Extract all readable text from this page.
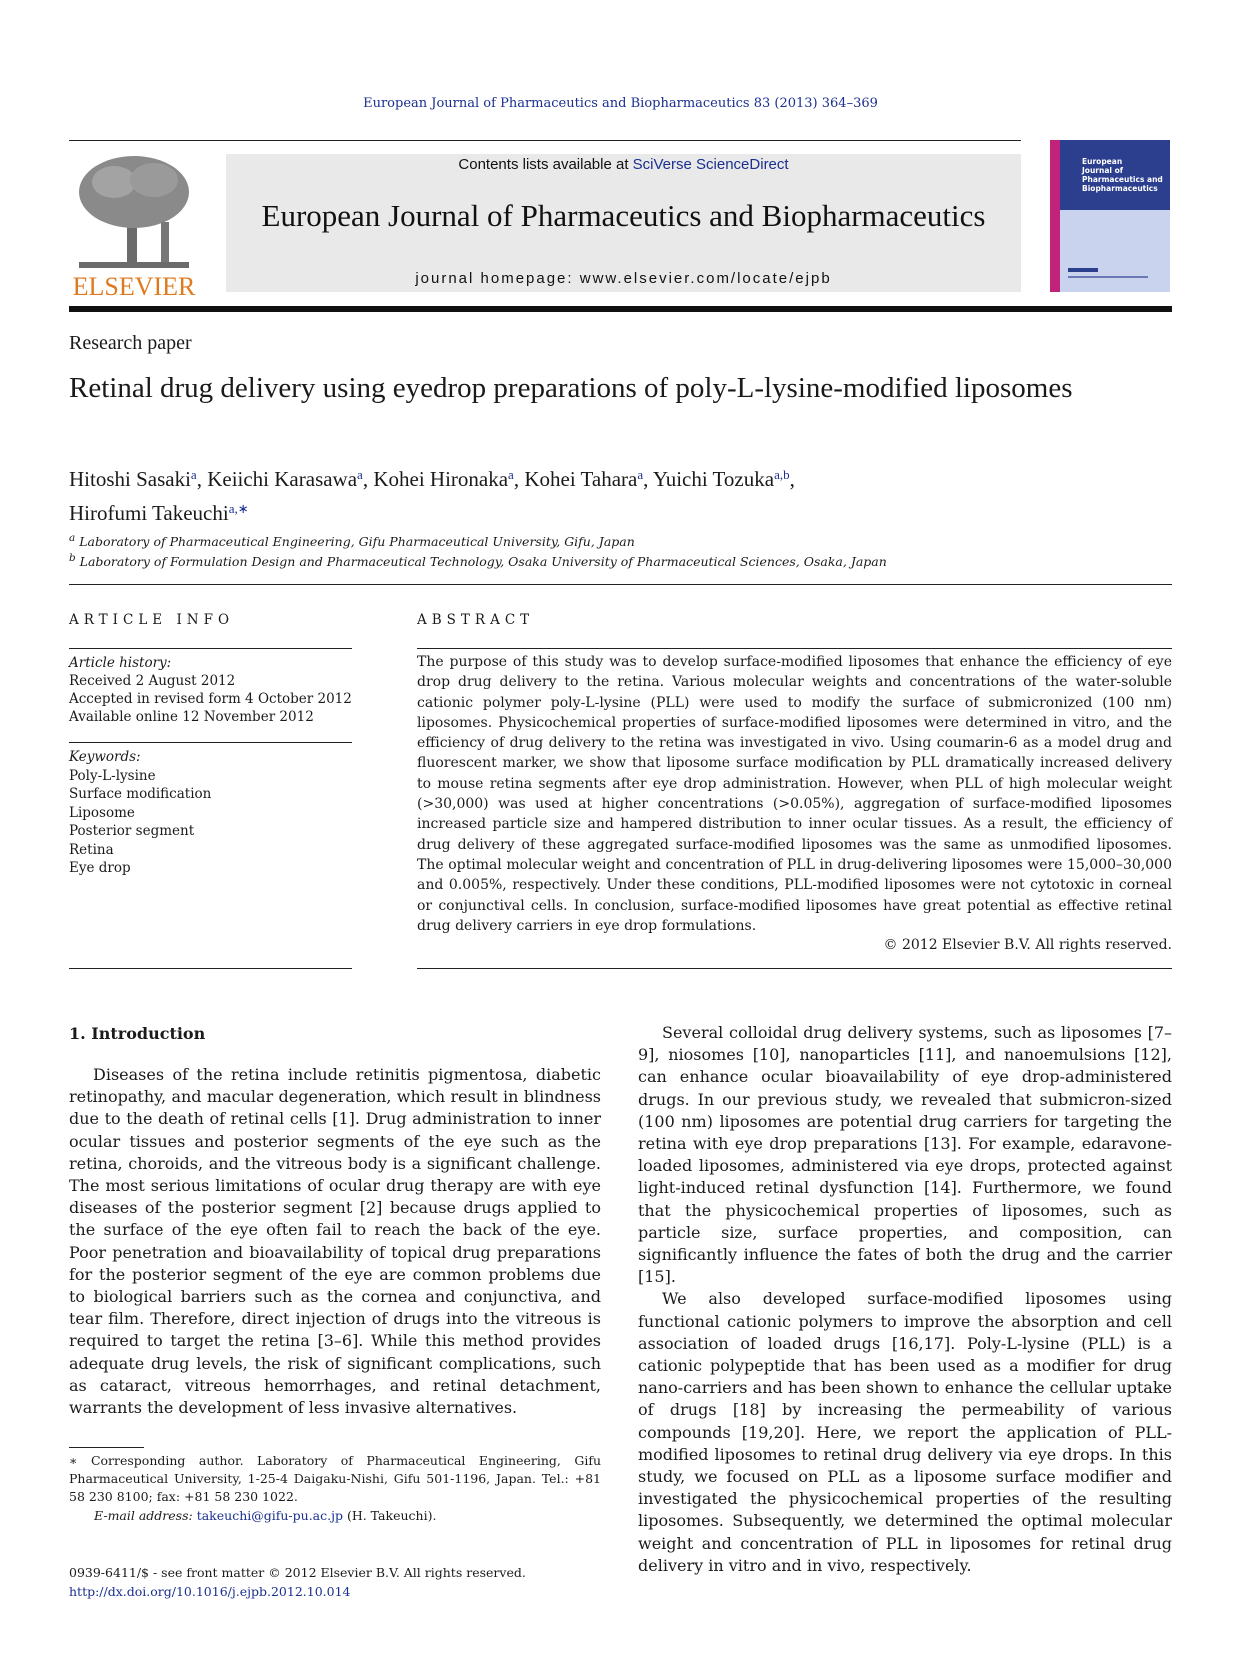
European Journal of Pharmaceutics and Biopharmaceutics 83 (2013) 364–369
ELSEVIER
Contents lists available at SciVerse ScienceDirect
European Journal of Pharmaceutics and Biopharmaceutics
journal homepage: www.elsevier.com/locate/ejpb
European
Journal of
Pharmaceutics and
Biopharmaceutics
Research paper
Retinal drug delivery using eyedrop preparations of poly-L-lysine-modified liposomes
Hitoshi Sasaki$^a$, Keiichi Karasawa$^a$, Kohei Hironaka$^a$, Kohei Tahara$^a$, Yuichi Tozuka$^{a,b}$,
Hirofumi Takeuchi$^{a,∗}$
$^a$ Laboratory of Pharmaceutical Engineering, Gifu Pharmaceutical University, Gifu, Japan
$^b$ Laboratory of Formulation Design and Pharmaceutical Technology, Osaka University of Pharmaceutical Sciences, Osaka, Japan
ARTICLE INFO
Article history:
Received 2 August 2012
Accepted in revised form 4 October 2012
Available online 12 November 2012
Keywords:
Poly-L-lysine
Surface modification
Liposome
Posterior segment
Retina
Eye drop
ABSTRACT
The purpose of this study was to develop surface-modified liposomes that enhance the efficiency of eye drop drug delivery to the retina. Various molecular weights and concentrations of the water-soluble cationic polymer poly-L-lysine (PLL) were used to modify the surface of submicronized (100 nm) liposomes. Physicochemical properties of surface-modified liposomes were determined in vitro, and the efficiency of drug delivery to the retina was investigated in vivo. Using coumarin-6 as a model drug and fluorescent marker, we show that liposome surface modification by PLL dramatically increased delivery to mouse retina segments after eye drop administration. However, when PLL of high molecular weight (>30,000) was used at higher concentrations (>0.05%), aggregation of surface-modified liposomes increased particle size and hampered distribution to inner ocular tissues. As a result, the efficiency of drug delivery of these aggregated surface-modified liposomes was the same as unmodified liposomes. The optimal molecular weight and concentration of PLL in drug-delivering liposomes were 15,000–30,000 and 0.005%, respectively. Under these conditions, PLL-modified liposomes were not cytotoxic in corneal or conjunctival cells. In conclusion, surface-modified liposomes have great potential as effective retinal drug delivery carriers in eye drop formulations.
© 2012 Elsevier B.V. All rights reserved.
1. Introduction

Diseases of the retina include retinitis pigmentosa, diabetic retinopathy, and macular degeneration, which result in blindness due to the death of retinal cells [1]. Drug administration to inner ocular tissues and posterior segments of the eye such as the retina, choroids, and the vitreous body is a significant challenge. The most serious limitations of ocular drug therapy are with eye diseases of the posterior segment [2] because drugs applied to the surface of the eye often fail to reach the back of the eye. Poor penetration and bioavailability of topical drug preparations for the posterior segment of the eye are common problems due to biological barriers such as the cornea and conjunctiva, and tear film. Therefore, direct injection of drugs into the vitreous is required to target the retina [3–6]. While this method provides adequate drug levels, the risk of significant complications, such as cataract, vitreous hemorrhages, and retinal detachment, warrants the development of less invasive alternatives.

Several colloidal drug delivery systems, such as liposomes [7–9], niosomes [10], nanoparticles [11], and nanoemulsions [12], can enhance ocular bioavailability of eye drop-administered drugs. In our previous study, we revealed that submicron-sized (100 nm) liposomes are potential drug carriers for targeting the retina with eye drop preparations [13]. For example, edaravone-loaded liposomes, administered via eye drops, protected against light-induced retinal dysfunction [14]. Furthermore, we found that the physicochemical properties of liposomes, such as particle size, surface properties, and composition, can significantly influence the fates of both the drug and the carrier [15].

We also developed surface-modified liposomes using functional cationic polymers to improve the absorption and cell association of loaded drugs [16,17]. Poly-L-lysine (PLL) is a cationic polypeptide that has been used as a modifier for drug nano-carriers and has been shown to enhance the cellular uptake of drugs [18] by increasing the permeability of various compounds [19,20]. Here, we report the application of PLL-modified liposomes to retinal drug delivery via eye drops. In this study, we focused on PLL as a liposome surface modifier and investigated the physicochemical properties of the resulting liposomes. Subsequently, we determined the optimal molecular weight and concentration of PLL in liposomes for retinal drug delivery in vitro and in vivo, respectively.

∗ Corresponding author. Laboratory of Pharmaceutical Engineering, Gifu Pharmaceutical University, 1-25-4 Daigaku-Nishi, Gifu 501-1196, Japan. Tel.: +81 58 230 8100; fax: +81 58 230 1022.
E-mail address: takeuchi@gifu-pu.ac.jp (H. Takeuchi).
0939-6411/$ - see front matter © 2012 Elsevier B.V. All rights reserved.
http://dx.doi.org/10.1016/j.ejpb.2012.10.014
